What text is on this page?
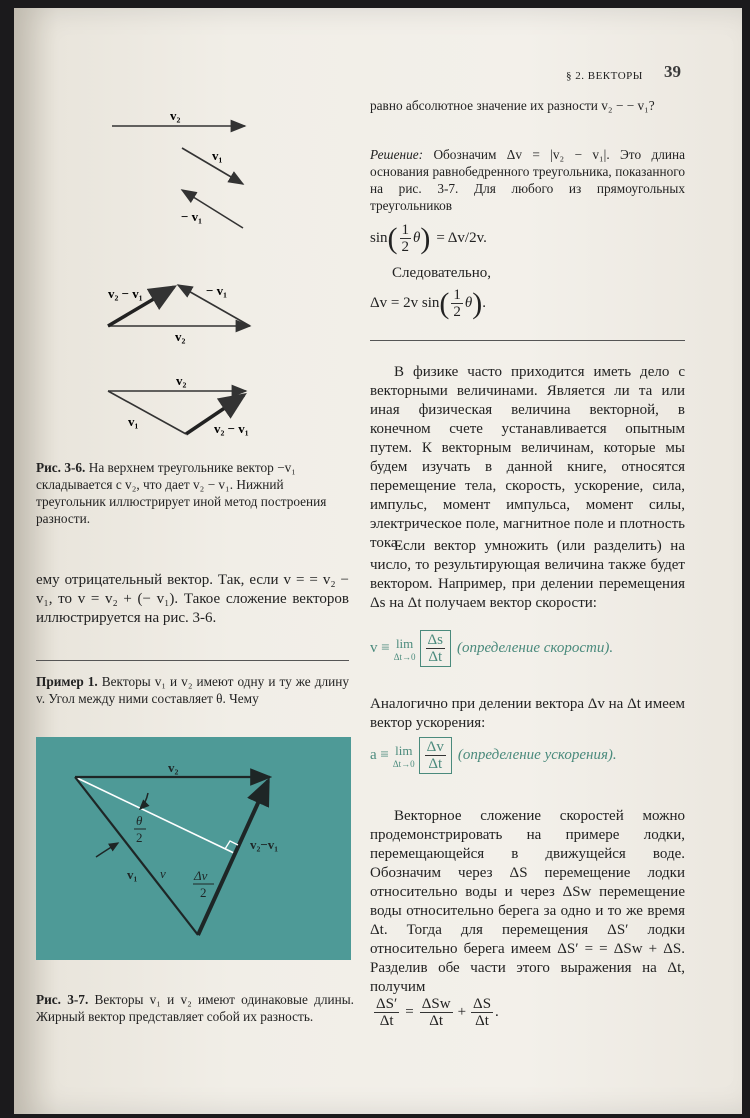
§ 2. ВЕКТОРЫ 39
v₂
v₁
− v₁
v₂ − v₁	− v₁
v₂
v₂
v₁	v₂ − v₁
Рис. 3-6. На верхнем треугольнике вектор −v₁ складывается с v₂, что дает v₂ − v₁. Нижний треугольник иллюстрирует иной метод построения разности.
ему отрицательный вектор. Так, если v = = v₂ − v₁, то v = v₂ + (− v₁). Такое сложение векторов иллюстрируется на рис. 3-6.
Пример 1. Векторы v₁ и v₂ имеют одну и ту же длину v. Угол между ними составляет θ. Чему
v₂
v₁ v
v₂−v₁
θ
2
Δv
2
Рис. 3-7. Векторы v₁ и v₂ имеют одинаковые длины. Жирный вектор представляет собой их разность.
равно абсолютное значение их разности v₂ − − v₁?
Решение: Обозначим Δv = |v₂ − v₁|. Это длина основания равнобедренного треугольника, показанного на рис. 3-7. Для любого из прямоугольных треугольников
sin ( $\frac{1}{2}$ θ ) = Δv/2v.
Следовательно,
Δv = 2v sin ( $\frac{1}{2}$ θ ) .
В физике часто приходится иметь дело с векторными величинами. Является ли та или иная физическая величина векторной, в конечном счете устанавливается опытным путем. К векторным величинам, которые мы будем изучать в данной книге, относятся перемещение тела, скорость, ускорение, сила, импульс, момент импульса, момент силы, электрическое поле, магнитное поле и плотность тока.
Если вектор умножить (или разделить) на число, то результирующая величина также будет вектором. Например, при делении перемещения Δs на Δt получаем вектор скорости:
v ≡ lim
$\Delta t\to 0 \frac{\Delta s}{\Delta t}$ (определение скорости).
Аналогично при делении вектора Δv на Δt имеем вектор ускорения:
a ≡ lim
$\Delta t\to 0 \frac{\Delta v}{\Delta t}$ (определение ускорения).
Векторное сложение скоростей можно продемонстрировать на примере лодки, перемещающейся в движущейся воде. Обозначим через ΔS перемещение лодки относительно воды и через ΔSw перемещение воды относительно берега за одно и то же время Δt. Тогда для перемещения ΔS′ лодки относительно берега имеем ΔS′ = = ΔSw + ΔS. Разделив обе части этого выражения на Δt, получим
$\frac{\Delta S'}{\Delta t} = \frac{\text{ΔSw}}{\Delta t} + \frac{\Delta S}{\Delta t}$ .
